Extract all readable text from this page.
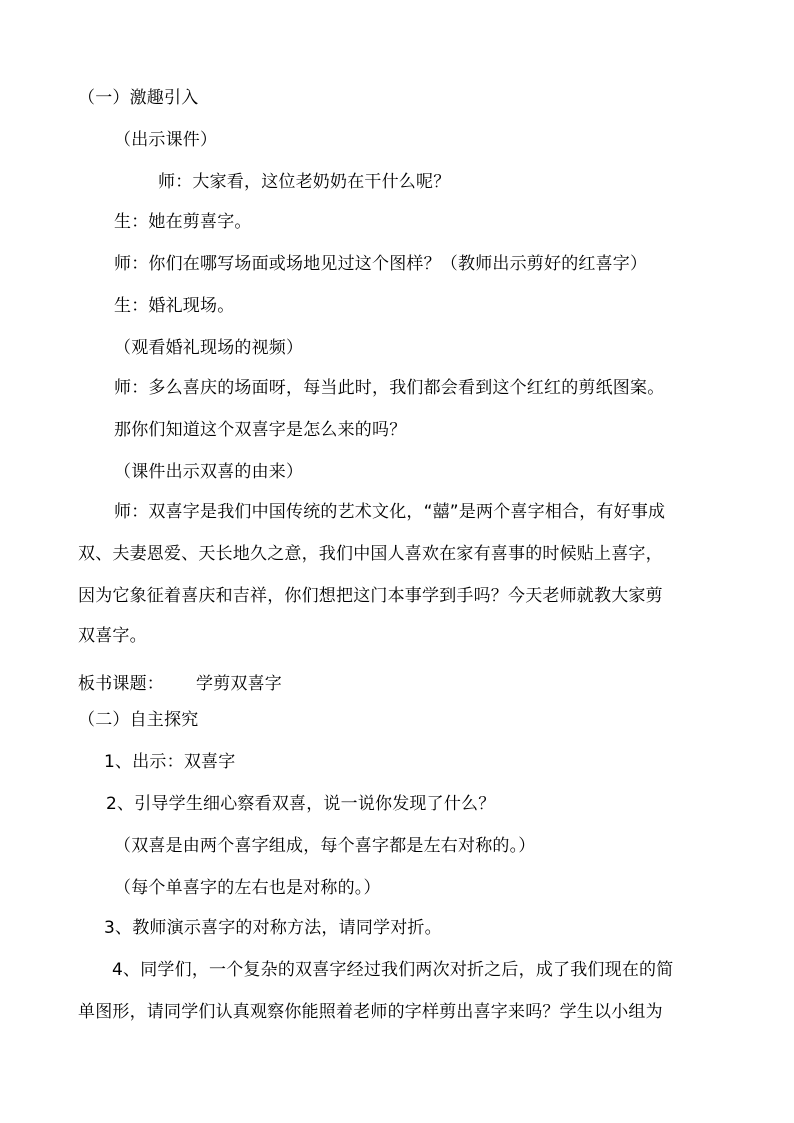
（一）激趣引入
（出示课件）
师：大家看，这位老奶奶在干什么呢？
生：她在剪喜字。
师：你们在哪写场面或场地见过这个图样？（教师出示剪好的红喜字）
生：婚礼现场。
（观看婚礼现场的视频）
师：多么喜庆的场面呀，每当此时，我们都会看到这个红红的剪纸图案。
那你们知道这个双喜字是怎么来的吗？
（课件出示双喜的由来）
师：双喜字是我们中国传统的艺术文化，“囍”是两个喜字相合，有好事成
双、夫妻恩爱、天长地久之意，我们中国人喜欢在家有喜事的时候贴上喜字，
因为它象征着喜庆和吉祥，你们想把这门本事学到手吗？今天老师就教大家剪
双喜字。
板书课题： 学剪双喜字
（二）自主探究
1、出示：双喜字
2、引导学生细心察看双喜，说一说你发现了什么？
（双喜是由两个喜字组成，每个喜字都是左右对称的。）
（每个单喜字的左右也是对称的。）
3、教师演示喜字的对称方法，请同学对折。
4、同学们，一个复杂的双喜字经过我们两次对折之后，成了我们现在的简
单图形，请同学们认真观察你能照着老师的字样剪出喜字来吗？学生以小组为
